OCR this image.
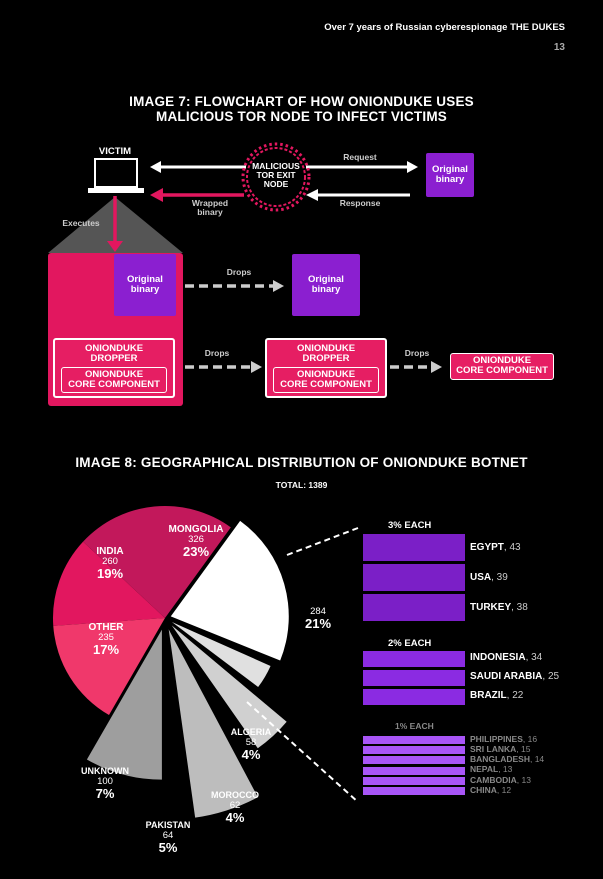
Over 7 years of Russian cyberespionage THE DUKES
13
IMAGE 7: FLOWCHART OF HOW ONIONDUKE USES
MALICIOUS TOR NODE TO INFECT VICTIMS
VICTIM
MALICIOUS
TOR EXIT
NODE
Request
Response
Wrapped
binary
Executes
Original
binary
Original
binary
Original
binary
Drops
Drops	Drops
ONIONDUKE
DROPPER
ONIONDUKE
CORE COMPONENT
ONIONDUKE
DROPPER
ONIONDUKE
CORE COMPONENT
ONIONDUKE
CORE COMPONENT
IMAGE 8: GEOGRAPHICAL DISTRIBUTION OF ONIONDUKE BOTNET
TOTAL: 1389
MONGOLIA
326
23%
INDIA
260
19%
OTHER
235
17%
284
21%
ALGERIA
58
4%
MOROCCO
62
4%
PAKISTAN
64
5%
UNKNOWN
100
7%
3% EACH
2% EACH
1% EACH
EGYPT, 43
USA, 39
TURKEY, 38
INDONESIA, 34
SAUDI ARABIA, 25
BRAZIL, 22
PHILIPPINES, 16
SRI LANKA, 15
BANGLADESH, 14
NEPAL, 13
CAMBODIA, 13
CHINA, 12
